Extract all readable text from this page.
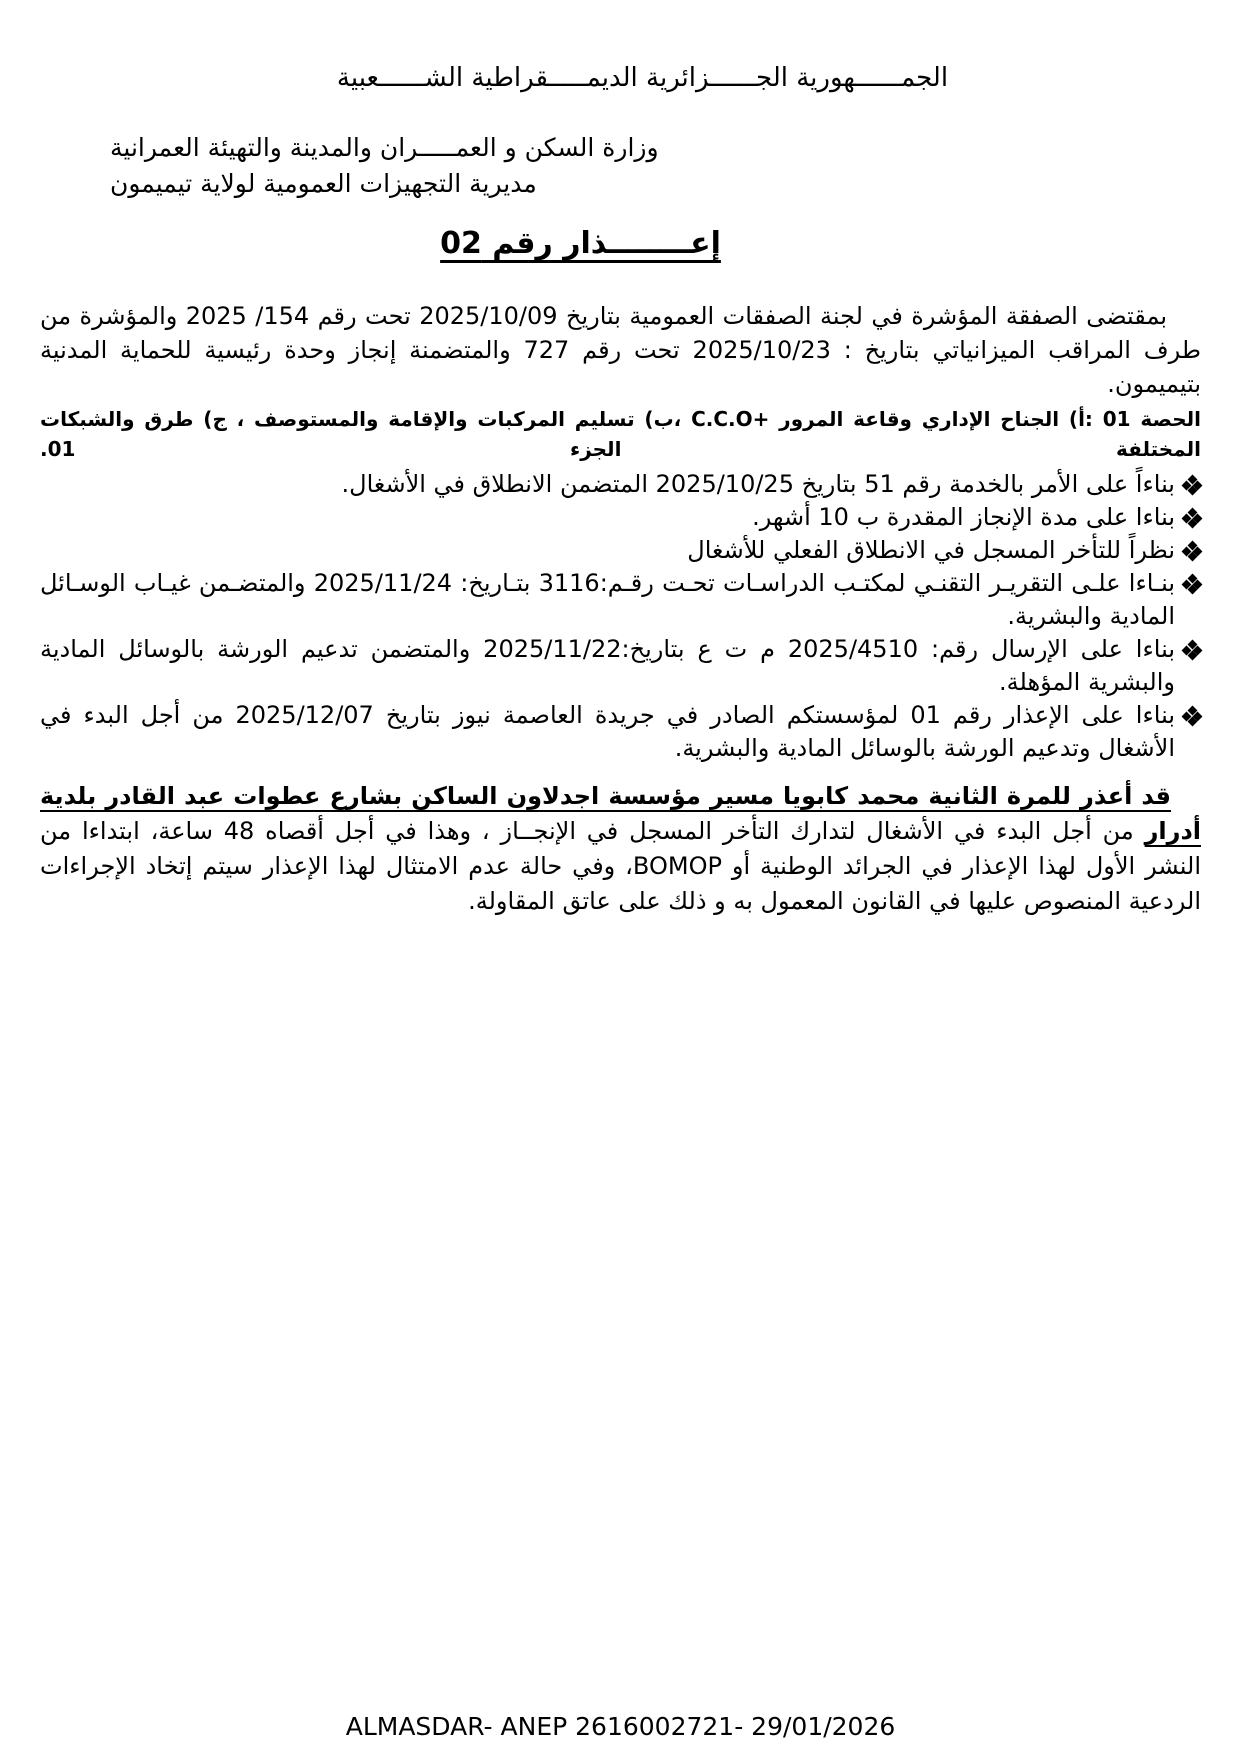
الجمــــــهورية الجــــــزائرية الديمـــــقراطية الشــــــعبية
وزارة السكن و العمـــــران والمدينة والتهيئة العمرانية
مديرية التجهيزات العمومية لولاية تيميمون
إعــــــــذار رقم 02

بمقتضى الصفقة المؤشرة في لجنة الصفقات العمومية بتاريخ 2025/10/09 تحت رقم 154/ 2025 والمؤشرة من طرف المراقب الميزانياتي بتاريخ : 2025/10/23 تحت رقم 727 والمتضمنة إنجاز وحدة رئيسية للحماية المدنية بتيميمون.

الحصة 01 :أ) الجناح الإداري وقاعة المرور +C.C.O ،ب) تسليم المركبات والإقامة والمستوصف ، ج) طرق والشبكات المختلفة الجزء 01.

بناءاً على الأمر بالخدمة رقم 51 بتاريخ 2025/10/25 المتضمن الانطلاق في الأشغال.
بناءا على مدة الإنجاز المقدرة ب 10 أشهر.
نظراً للتأخر المسجل في الانطلاق الفعلي للأشغال
بنـاءا علـى التقريـر التقنـي لمكتـب الدراسـات تحـت رقـم:3116 بتـاريخ: 2025/11/24 والمتضـمن غيـاب الوسـائل المادية والبشرية.
بناءا على الإرسال رقم: 2025/4510 م ت ع بتاريخ:2025/11/22 والمتضمن تدعيم الورشة بالوسائل المادية والبشرية المؤهلة.
بناءا على الإعذار رقم 01 لمؤسستكم الصادر في جريدة العاصمة نيوز بتاريخ 2025/12/07 من أجل البدء في الأشغال وتدعيم الورشة بالوسائل المادية والبشرية.

قد أعذر للمرة الثانية محمد كابويا مسير مؤسسة اجدلاون الساكن بشارع عطوات عبد القادر بلدية أدرار من أجل البدء في الأشغال لتدارك التأخر المسجل في الإنجــاز ، وهذا في أجل أقصاه 48 ساعة، ابتداءا من النشر الأول لهذا الإعذار في الجرائد الوطنية أو BOMOP، وفي حالة عدم الامتثال لهذا الإعذار سيتم إتخاد الإجراءات الردعية المنصوص عليها في القانون المعمول به و ذلك على عاتق المقاولة.

ALMASDAR- ANEP 2616002721- 29/01/2026
